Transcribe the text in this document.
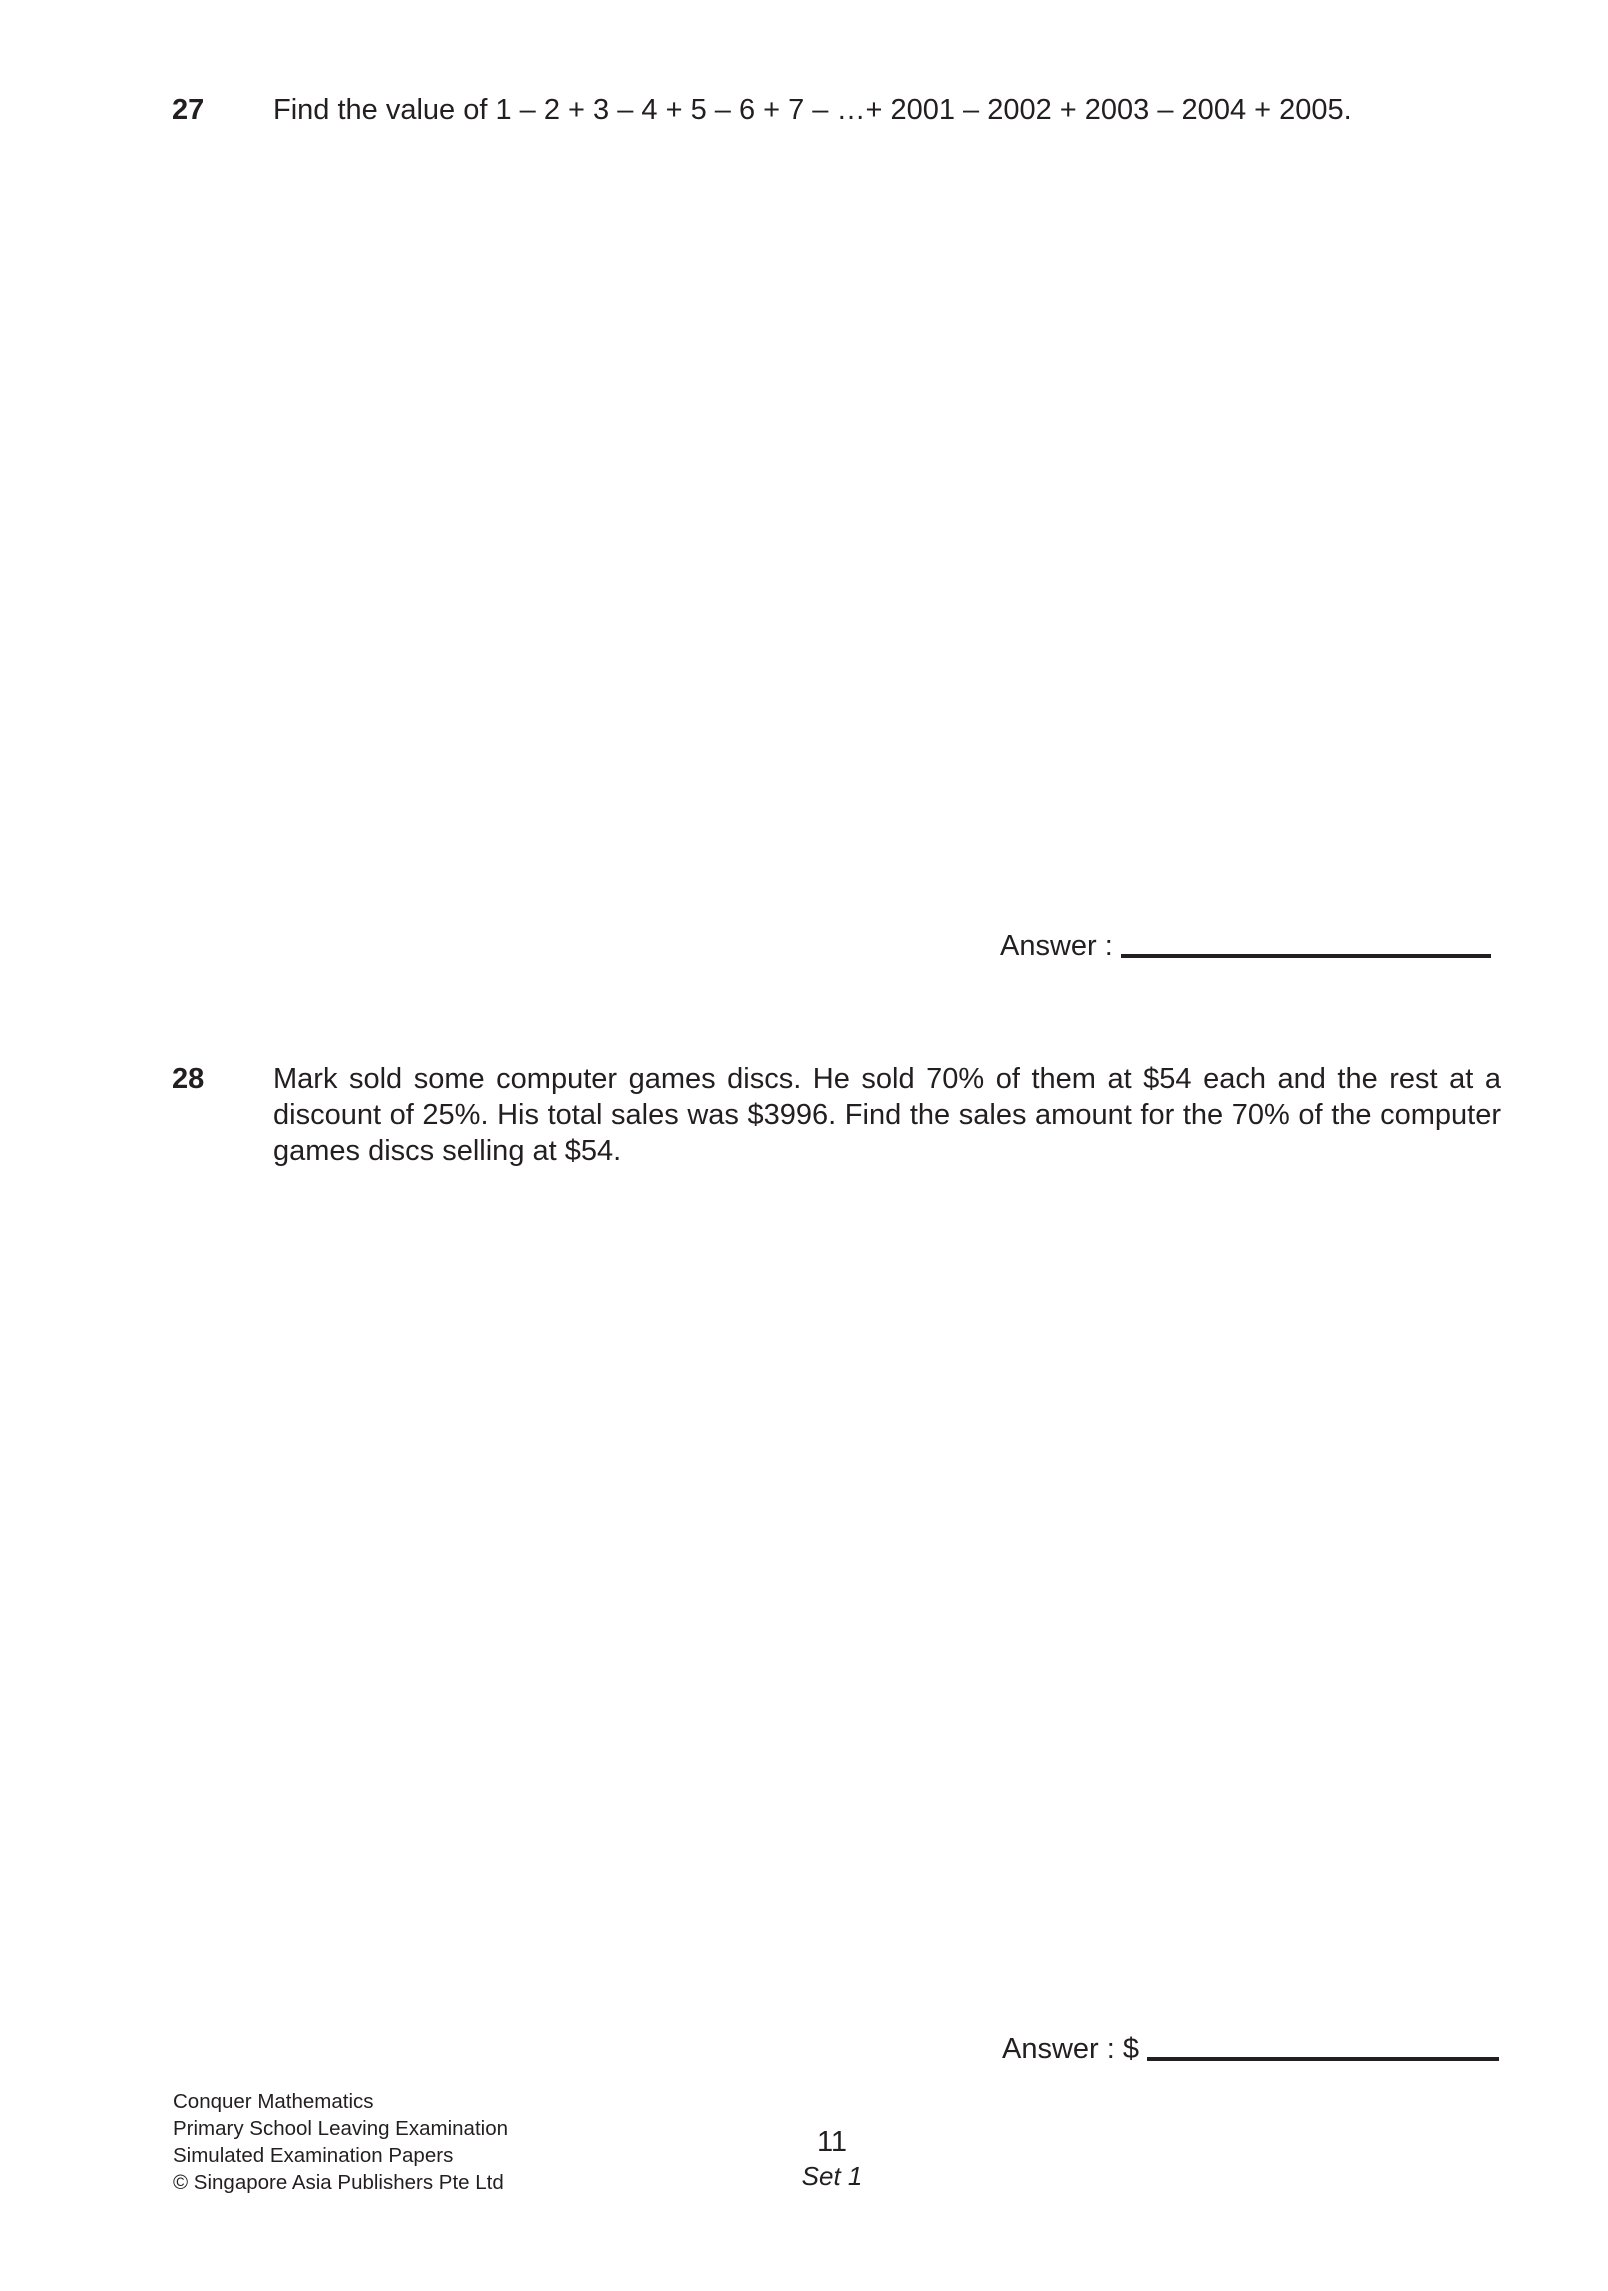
27 Find the value of 1 – 2 + 3 – 4 + 5 – 6 + 7 – …+ 2001 – 2002 + 2003 – 2004 + 2005.
Answer :
28 Mark sold some computer games discs. He sold 70% of them at $54 each and the rest at a discount of 25%. His total sales was $3996. Find the sales amount for the 70% of the computer games discs selling at $54.
Answer : $
Conquer Mathematics
Primary School Leaving Examination
Simulated Examination Papers
© Singapore Asia Publishers Pte Ltd
11
Set 1
